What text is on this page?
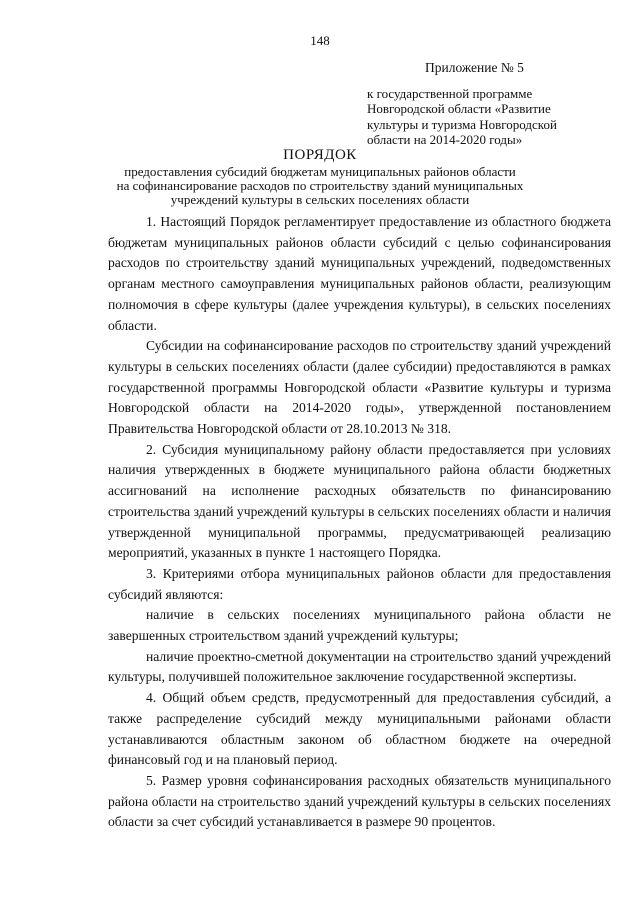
148
Приложение № 5
к государственной программе
Новгородской области «Развитие
культуры и туризма Новгородской
области на 2014-2020 годы»
ПОРЯДОК
предоставления субсидий бюджетам муниципальных районов области
на софинансирование расходов по строительству зданий муниципальных
учреждений культуры в сельских поселениях области

1. Настоящий Порядок регламентирует предоставление из областного бюджета бюджетам муниципальных районов области субсидий с целью софинансирования расходов по строительству зданий муниципальных учреждений, подведомственных органам местного самоуправления муниципальных районов области, реализующим полномочия в сфере культуры (далее учреждения культуры), в сельских поселениях области.

Субсидии на софинансирование расходов по строительству зданий учреждений культуры в сельских поселениях области (далее субсидии) предоставляются в рамках государственной программы Новгородской области «Развитие культуры и туризма Новгородской области на 2014-2020 годы», утвержденной постановлением Правительства Новгородской области от 28.10.2013 № 318.

2. Субсидия муниципальному району области предоставляется при условиях наличия утвержденных в бюджете муниципального района области бюджетных ассигнований на исполнение расходных обязательств по финансированию строительства зданий учреждений культуры в сельских поселениях области и наличия утвержденной муниципальной программы, предусматривающей реализацию мероприятий, указанных в пункте 1 настоящего Порядка.

3. Критериями отбора муниципальных районов области для предоставления субсидий являются:

наличие в сельских поселениях муниципального района области не завершенных строительством зданий учреждений культуры;

наличие проектно-сметной документации на строительство зданий учреждений культуры, получившей положительное заключение государственной экспертизы.

4. Общий объем средств, предусмотренный для предоставления субсидий, а также распределение субсидий между муниципальными районами области устанавливаются областным законом об областном бюджете на очередной финансовый год и на плановый период.

5. Размер уровня софинансирования расходных обязательств муниципального района области на строительство зданий учреждений культуры в сельских поселениях области за счет субсидий устанавливается в размере 90 процентов.
